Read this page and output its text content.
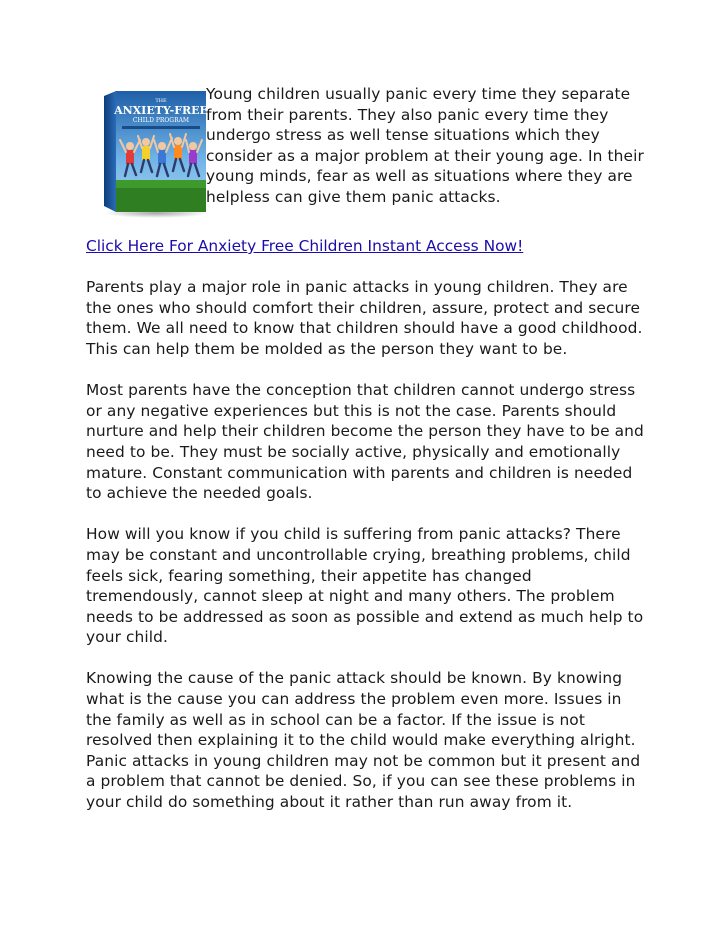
THE
ANXIETY-FREE
CHILD PROGRAM

Young children usually panic every time they separate from their parents. They also panic every time they undergo stress as well tense situations which they consider as a major problem at their young age. In their young minds, fear as well as situations where they are helpless can give them panic attacks.

Click Here For Anxiety Free Children Instant Access Now!

Parents play a major role in panic attacks in young children. They are the ones who should comfort their children, assure, protect and secure them. We all need to know that children should have a good childhood. This can help them be molded as the person they want to be.

Most parents have the conception that children cannot undergo stress or any negative experiences but this is not the case. Parents should nurture and help their children become the person they have to be and need to be. They must be socially active, physically and emotionally mature. Constant communication with parents and children is needed to achieve the needed goals.

How will you know if you child is suffering from panic attacks? There may be constant and uncontrollable crying, breathing problems, child feels sick, fearing something, their appetite has changed tremendously, cannot sleep at night and many others. The problem needs to be addressed as soon as possible and extend as much help to your child.

Knowing the cause of the panic attack should be known. By knowing what is the cause you can address the problem even more. Issues in the family as well as in school can be a factor. If the issue is not resolved then explaining it to the child would make everything alright. Panic attacks in young children may not be common but it present and a problem that cannot be denied. So, if you can see these problems in your child do something about it rather than run away from it.
